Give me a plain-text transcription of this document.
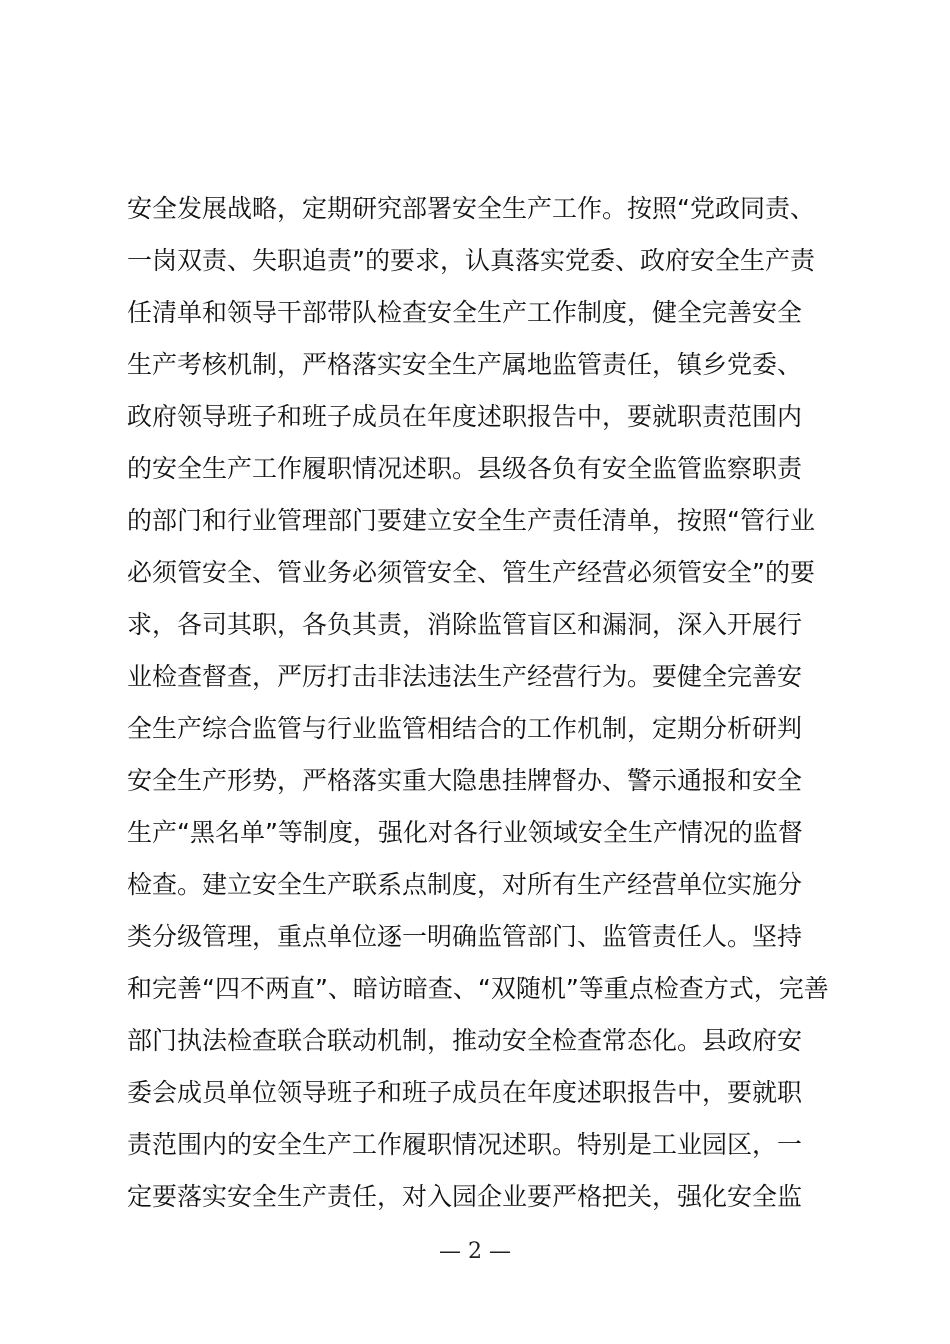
安全发展战略，定期研究部署安全生产工作。按照“党政同责、
一岗双责、失职追责”的要求，认真落实党委、政府安全生产责
任清单和领导干部带队检查安全生产工作制度，健全完善安全
生产考核机制，严格落实安全生产属地监管责任，镇乡党委、
政府领导班子和班子成员在年度述职报告中，要就职责范围内
的安全生产工作履职情况述职。县级各负有安全监管监察职责
的部门和行业管理部门要建立安全生产责任清单，按照“管行业
必须管安全、管业务必须管安全、管生产经营必须管安全”的要
求，各司其职，各负其责，消除监管盲区和漏洞，深入开展行
业检查督查，严厉打击非法违法生产经营行为。要健全完善安
全生产综合监管与行业监管相结合的工作机制，定期分析研判
安全生产形势，严格落实重大隐患挂牌督办、警示通报和安全
生产“黑名单”等制度，强化对各行业领域安全生产情况的监督
检查。建立安全生产联系点制度，对所有生产经营单位实施分
类分级管理，重点单位逐一明确监管部门、监管责任人。坚持
和完善“四不两直”、暗访暗查、“双随机”等重点检查方式，完善
部门执法检查联合联动机制，推动安全检查常态化。县政府安
委会成员单位领导班子和班子成员在年度述职报告中，要就职
责范围内的安全生产工作履职情况述职。特别是工业园区，一
定要落实安全生产责任，对入园企业要严格把关，强化安全监
— 2 —
